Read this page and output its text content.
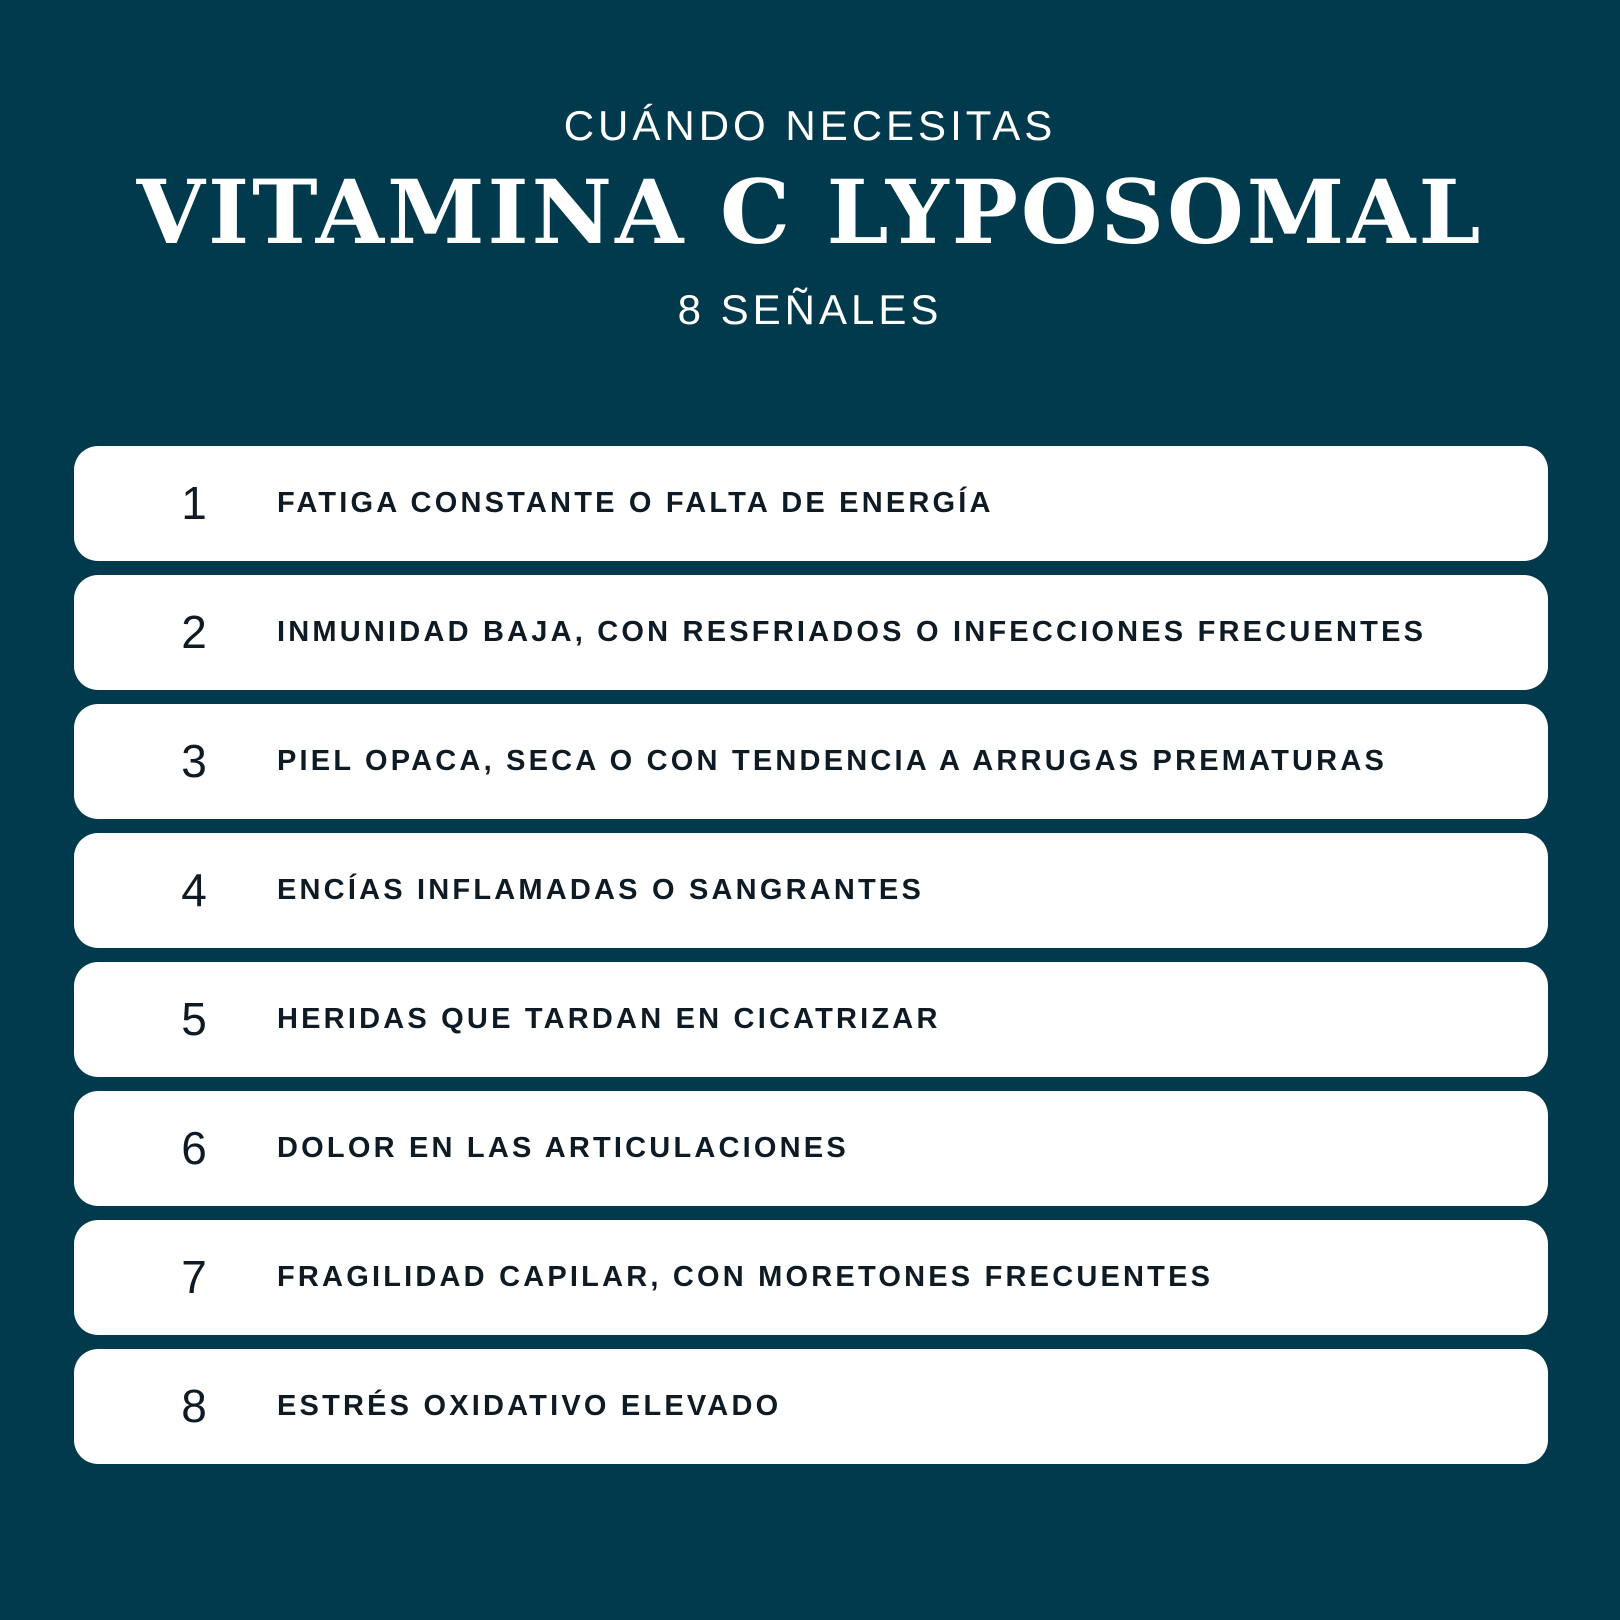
CUÁNDO NECESITAS
VITAMINA C LYPOSOMAL
8 SEÑALES
1	FATIGA CONSTANTE O FALTA DE ENERGÍA
2	INMUNIDAD BAJA, CON RESFRIADOS O INFECCIONES FRECUENTES
3	PIEL OPACA, SECA O CON TENDENCIA A ARRUGAS PREMATURAS
4	ENCÍAS INFLAMADAS O SANGRANTES
5	HERIDAS QUE TARDAN EN CICATRIZAR
6	DOLOR EN LAS ARTICULACIONES
7	FRAGILIDAD CAPILAR, CON MORETONES FRECUENTES
8	ESTRÉS OXIDATIVO ELEVADO
